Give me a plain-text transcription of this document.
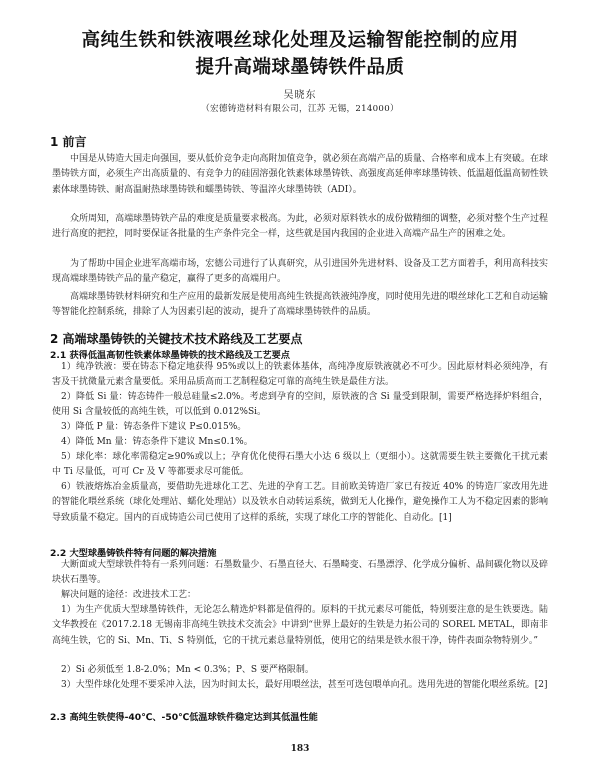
高纯生铁和铁液喂丝球化处理及运输智能控制的应用
提升高端球墨铸铁件品质
吴晓东
（宏德铸造材料有限公司，江苏 无锡，214000）
1 前言
中国是从铸造大国走向强国，要从低价竞争走向高附加值竞争，就必须在高端产品的质量、合格率和成本上有突破。在球墨铸铁方面，必须生产出高质量的、有竞争力的硅固溶强化铁素体球墨铸铁、高强度高延伸率球墨铸铁、低温超低温高韧性铁素体球墨铸铁、耐高温耐热球墨铸铁和蠕墨铸铁、等温淬火球墨铸铁（ADI）。
众所周知，高端球墨铸铁产品的难度是质量要求极高。为此，必须对原料铁水的成份做精细的调整，必须对整个生产过程进行高度的把控，同时要保证各批量的生产条件完全一样，这些就是国内我国的企业进入高端产品生产的困难之处。
为了帮助中国企业进军高端市场，宏德公司进行了认真研究，从引进国外先进材料、设备及工艺方面着手，利用高科技实现高端球墨铸铁产品的量产稳定，赢得了更多的高端用户。
高端球墨铸铁材料研究和生产应用的最新发展是使用高纯生铁提高铁液纯净度，同时使用先进的喂丝球化工艺和自动运输等智能化控制系统，排除了人为因素引起的波动，提升了高端球墨铸铁件的品质。
2 高端球墨铸铁的关键技术技术路线及工艺要点
2.1 获得低温高韧性铁素体球墨铸铁的技术路线及工艺要点
1）纯净铁液：要在铸态下稳定地获得 95%或以上的铁素体基体，高纯净度原铁液就必不可少。因此原材料必须纯净，有害及干扰微量元素含量要低。采用品质高而工艺制程稳定可靠的高纯生铁是最佳方法。
2）降低 Si 量：铸态铸件一般总硅量≤2.0%。考虑到孕育的空间，原铁液的含 Si 量受到限制，需要严格选择炉料组合，使用 Si 含量较低的高纯生铁，可以低到 0.012%Si。
3）降低 P 量：铸态条件下建议 P≤0.015%。
4）降低 Mn 量：铸态条件下建议 Mn≤0.1%。
5）球化率：球化率需稳定≥90%或以上；孕育优化使得石墨大小达 6 级以上（更细小）。这就需要生铁主要微化干扰元素中 Ti 尽量低，可可 Cr 及 V 等都要求尽可能低。
6）铁液熔炼冶金质量高，要借助先进球化工艺、先进的孕育工艺。目前欧美铸造厂家已有按近 40% 的铸造厂家改用先进的智能化喂丝系统（球化处理站、蠕化处理站）以及铁水自动转运系统，做到无人化操作，避免操作工人为不稳定因素的影响导致质量不稳定。国内的百成铸造公司已使用了这样的系统，实现了球化工序的智能化、自动化。[1]
2.2 大型球墨铸铁件特有问题的解决措施
大断面或大型球铁件特有一系列问题：石墨数量少、石墨直径大、石墨畸变、石墨漂浮、化学成分偏析、晶间碳化物以及碎块状石墨等。
解决问题的途径：改进技术工艺：
1）为生产优质大型球墨铸铁件，无论怎么精选炉料都是值得的。原料的干扰元素尽可能低，特别要注意的是生铁要选。陆文华教授在《2017.2.18 无锡南非高纯生铁技术交流会》中讲到“世界上最好的生铁是力拓公司的 SOREL METAL，即南非高纯生铁，它的 Si、Mn、Ti、S 特别低，它的干扰元素总量特别低，使用它的结果是铁水很干净，铸件表面杂物特别少。”
2）Si 必须低至 1.8-2.0%；Mn < 0.3%；P、S 要严格限制。
3）大型件球化处理不要采冲入法，因为时间太长，最好用喂丝法，甚至可选包喂单向孔。选用先进的智能化喂丝系统。[2]
2.3 高纯生铁使得-40℃、-50℃低温球铁件稳定达到其低温性能
183
